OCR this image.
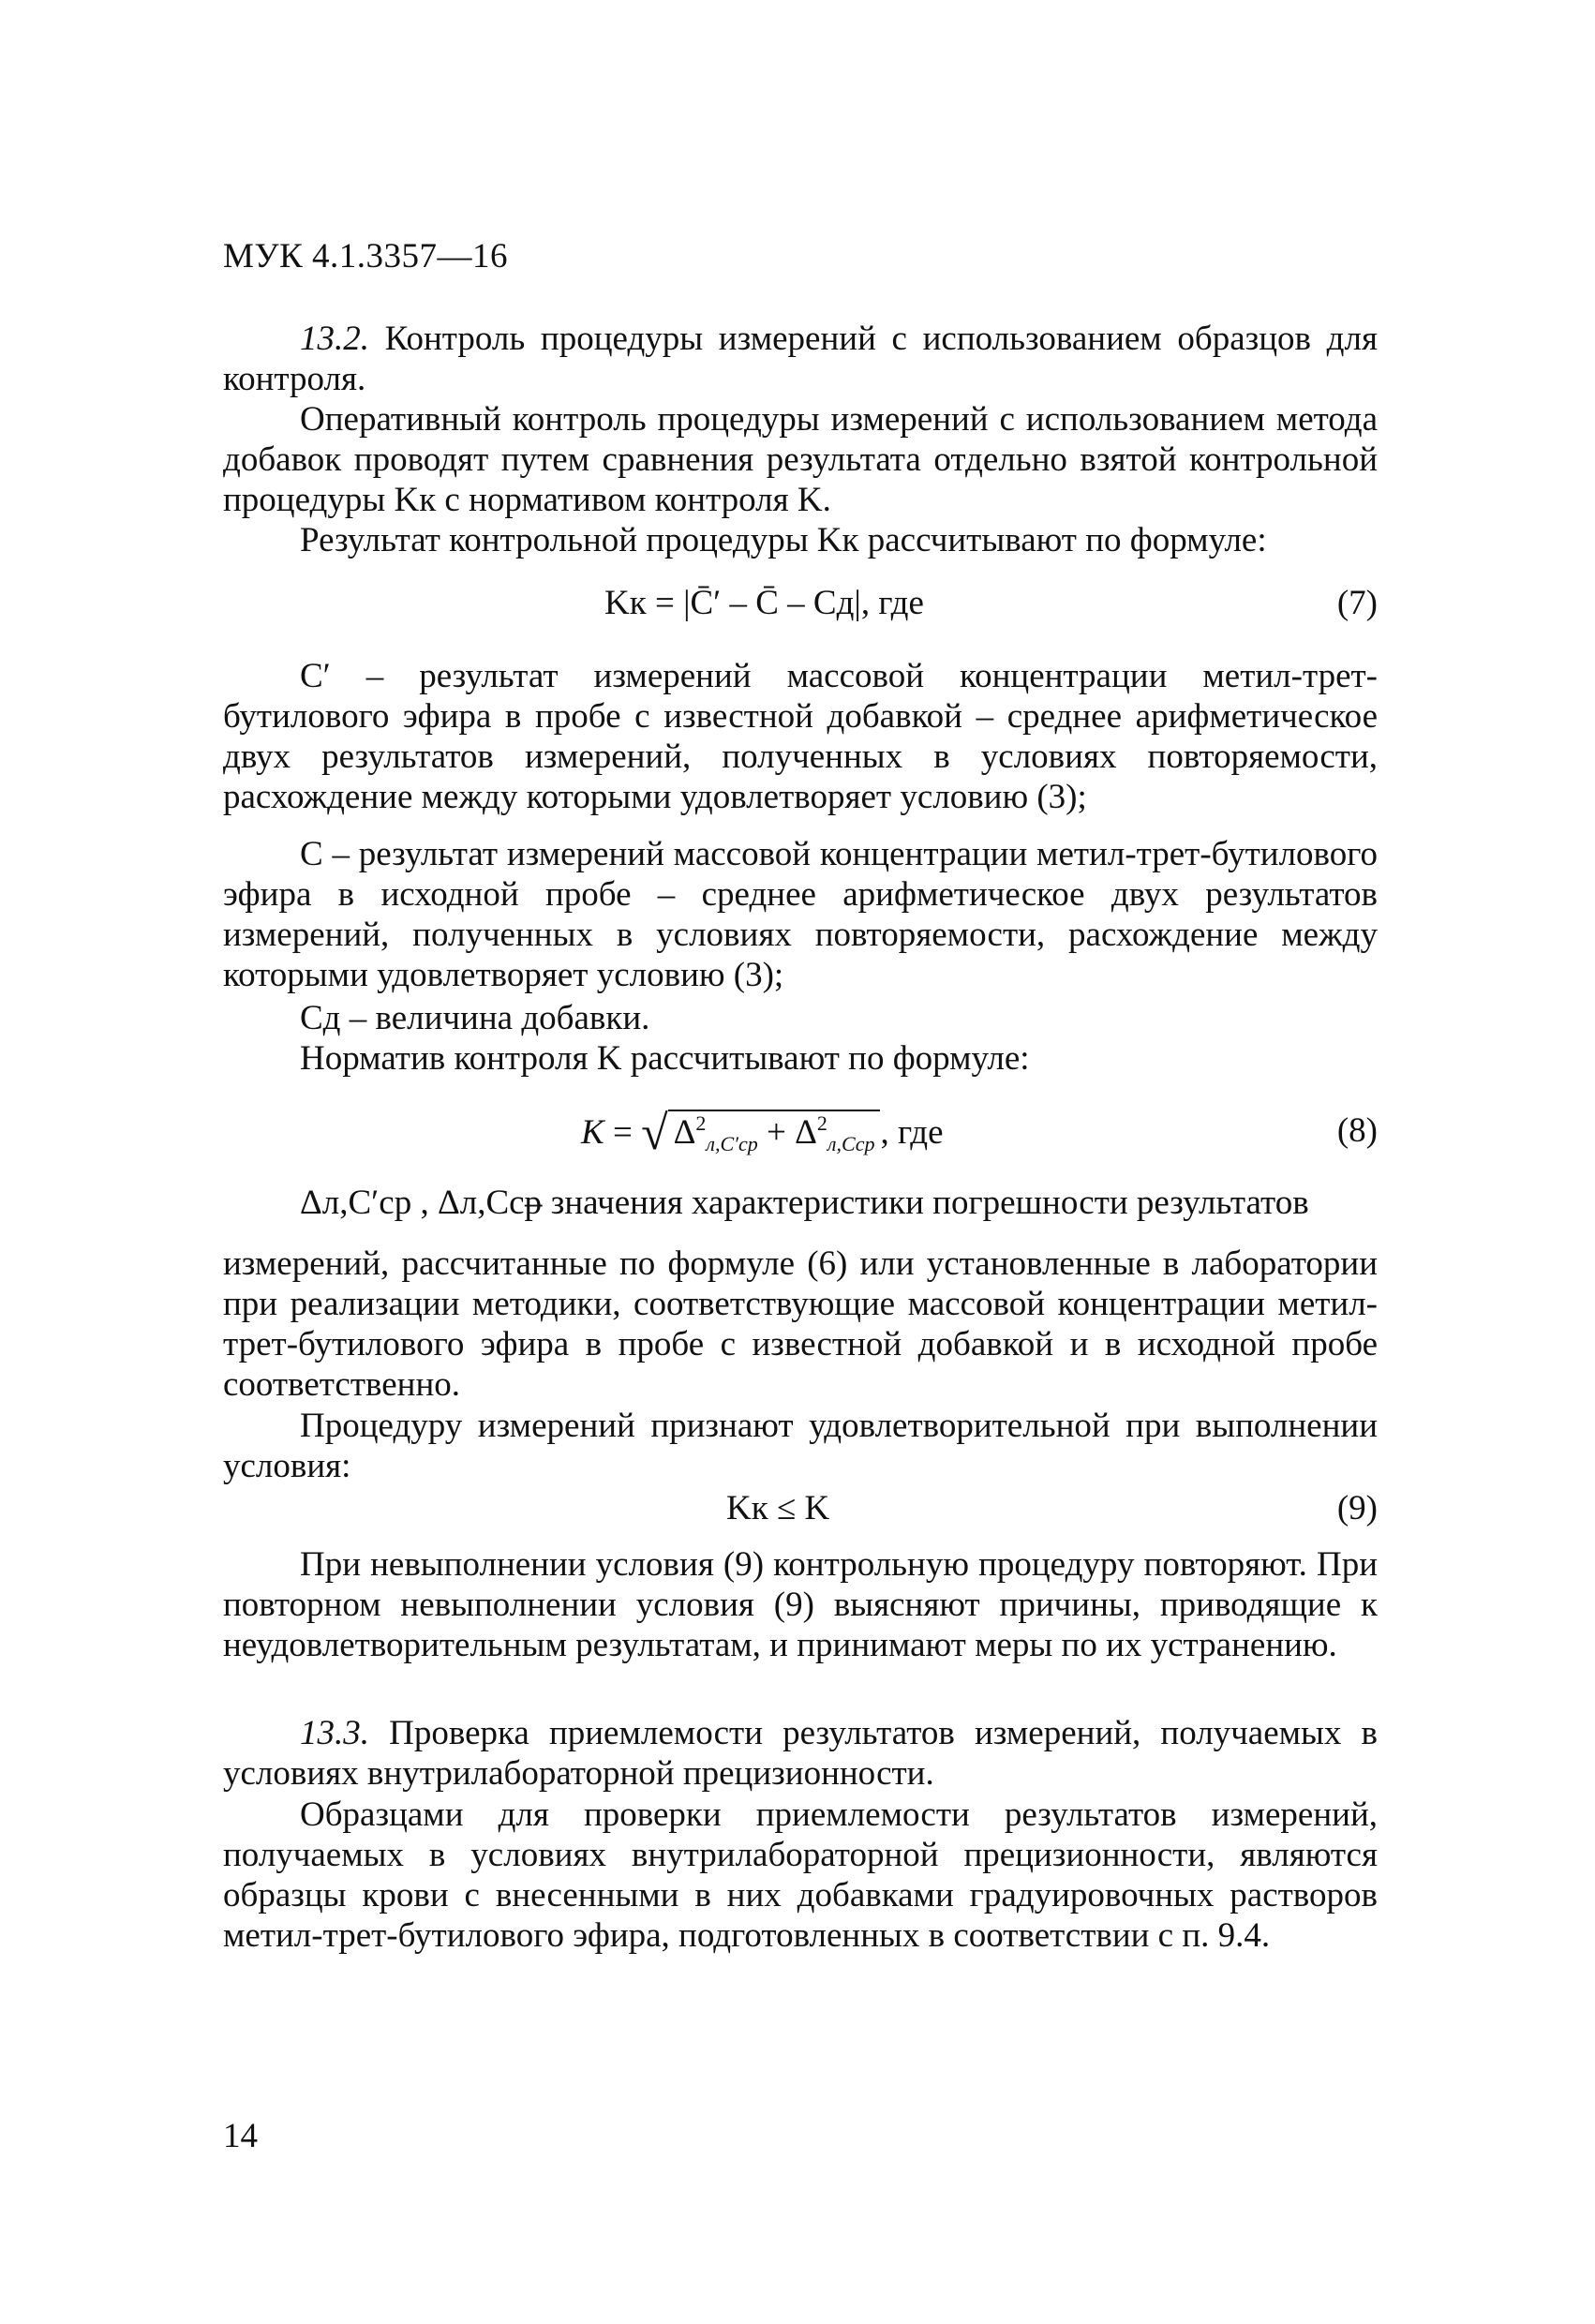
МУК 4.1.3357—16
13.2. Контроль процедуры измерений с использованием образцов для контроля.
Оперативный контроль процедуры измерений с использованием метода добавок проводят путем сравнения результата отдельно взятой контрольной процедуры Kк с нормативом контроля K.
Результат контрольной процедуры Kк рассчитывают по формуле:
Kк = |C̄′ – C̄ – Cд|, где	(7)
C′ – результат измерений массовой концентрации метил-трет-бутилового эфира в пробе с известной добавкой – среднее арифметическое двух результатов измерений, полученных в условиях повторяемости, расхождение между которыми удовлетворяет условию (3);
C – результат измерений массовой концентрации метил-трет-бутилового эфира в исходной пробе – среднее арифметическое двух результатов измерений, полученных в условиях повторяемости, расхождение между которыми удовлетворяет условию (3);
Cд – величина добавки.
Норматив контроля K рассчитывают по формуле:
K = √ $\Delta^2_{л,C'ср} + \Delta^2_{л,Cср}$ , где	(8)
Δл,C′ср , Δл,Cср
– значения характеристики погрешности результатов
измерений, рассчитанные по формуле (6) или установленные в лаборатории при реализации методики, соответствующие массовой концентрации метил-трет-бутилового эфира в пробе с известной добавкой и в исходной пробе соответственно.
Процедуру измерений признают удовлетворительной при выполнении условия:
Kк ≤ K	(9)
При невыполнении условия (9) контрольную процедуру повторяют. При повторном невыполнении условия (9) выясняют причины, приводящие к неудовлетворительным результатам, и принимают меры по их устранению.
13.3. Проверка приемлемости результатов измерений, получаемых в условиях внутрилабораторной прецизионности.
Образцами для проверки приемлемости результатов измерений, получаемых в условиях внутрилабораторной прецизионности, являются образцы крови с внесенными в них добавками градуировочных растворов метил-трет-бутилового эфира, подготовленных в соответствии с п. 9.4.
14
